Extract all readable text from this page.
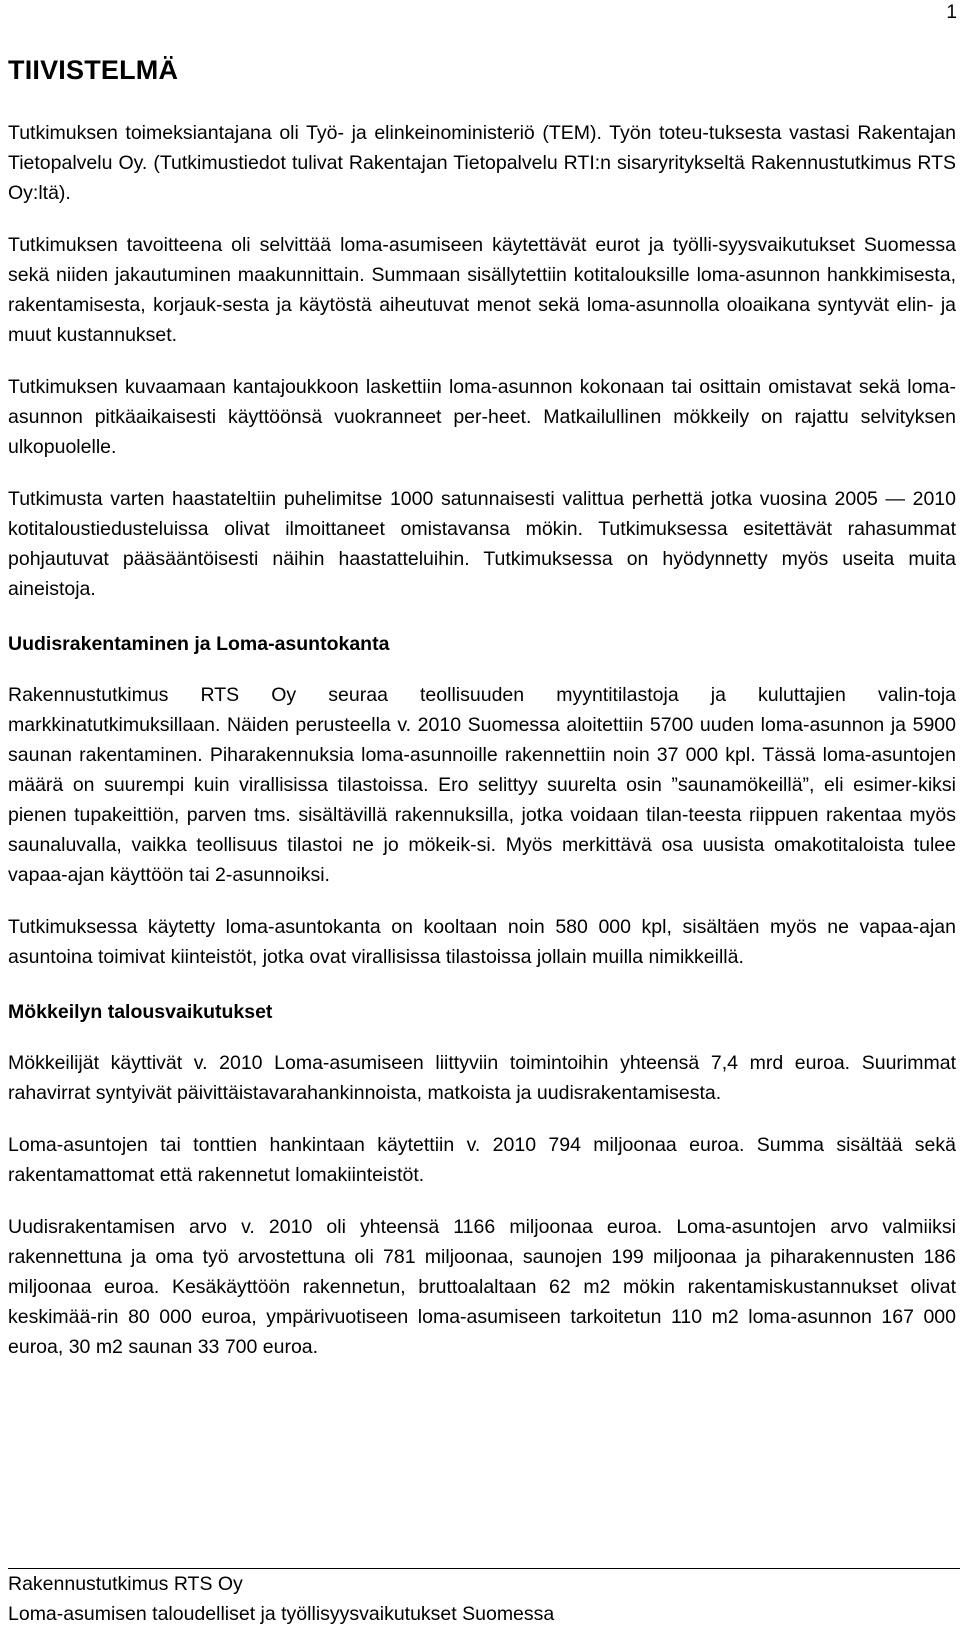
1
TIIVISTELMÄ

Tutkimuksen toimeksiantajana oli Työ- ja elinkeinoministeriö (TEM). Työn toteu-tuksesta vastasi Rakentajan Tietopalvelu Oy. (Tutkimustiedot tulivat Rakentajan Tietopalvelu RTI:n sisaryritykseltä Rakennustutkimus RTS Oy:ltä).

Tutkimuksen tavoitteena oli selvittää loma-asumiseen käytettävät eurot ja työlli-syysvaikutukset Suomessa sekä niiden jakautuminen maakunnittain. Summaan sisällytettiin kotitalouksille loma-asunnon hankkimisesta, rakentamisesta, korjauk-sesta ja käytöstä aiheutuvat menot sekä loma-asunnolla oloaikana syntyvät elin- ja muut kustannukset.

Tutkimuksen kuvaamaan kantajoukkoon laskettiin loma-asunnon kokonaan tai osittain omistavat sekä loma-asunnon pitkäaikaisesti käyttöönsä vuokranneet per-heet. Matkailullinen mökkeily on rajattu selvityksen ulkopuolelle.

Tutkimusta varten haastateltiin puhelimitse 1000 satunnaisesti valittua perhettä jotka vuosina 2005 — 2010 kotitaloustiedusteluissa olivat ilmoittaneet omistavansa mökin. Tutkimuksessa esitettävät rahasummat pohjautuvat pääsääntöisesti näihin haastatteluihin. Tutkimuksessa on hyödynnetty myös useita muita aineistoja.

Uudisrakentaminen ja Loma-asuntokanta

Rakennustutkimus RTS Oy seuraa teollisuuden myyntitilastoja ja kuluttajien valin-toja markkinatutkimuksillaan. Näiden perusteella v. 2010 Suomessa aloitettiin 5700 uuden loma-asunnon ja 5900 saunan rakentaminen. Piharakennuksia loma-asunnoille rakennettiin noin 37 000 kpl. Tässä loma-asuntojen määrä on suurempi kuin virallisissa tilastoissa. Ero selittyy suurelta osin ”saunamökeillä”, eli esimer-kiksi pienen tupakeittiön, parven tms. sisältävillä rakennuksilla, jotka voidaan tilan-teesta riippuen rakentaa myös saunaluvalla, vaikka teollisuus tilastoi ne jo mökeik-si. Myös merkittävä osa uusista omakotitaloista tulee vapaa-ajan käyttöön tai 2-asunnoiksi.

Tutkimuksessa käytetty loma-asuntokanta on kooltaan noin 580 000 kpl, sisältäen myös ne vapaa-ajan asuntoina toimivat kiinteistöt, jotka ovat virallisissa tilastoissa jollain muilla nimikkeillä.

Mökkeilyn talousvaikutukset

Mökkeilijät käyttivät v. 2010 Loma-asumiseen liittyviin toimintoihin yhteensä 7,4 mrd euroa. Suurimmat rahavirrat syntyivät päivittäistavarahankinnoista, matkoista ja uudisrakentamisesta.

Loma-asuntojen tai tonttien hankintaan käytettiin v. 2010 794 miljoonaa euroa. Summa sisältää sekä rakentamattomat että rakennetut lomakiinteistöt.

Uudisrakentamisen arvo v. 2010 oli yhteensä 1166 miljoonaa euroa. Loma-asuntojen arvo valmiiksi rakennettuna ja oma työ arvostettuna oli 781 miljoonaa, saunojen 199 miljoonaa ja piharakennusten 186 miljoonaa euroa. Kesäkäyttöön rakennetun, bruttoalaltaan 62 m2 mökin rakentamiskustannukset olivat keskimää-rin 80 000 euroa, ympärivuotiseen loma-asumiseen tarkoitetun 110 m2 loma-asunnon 167 000 euroa, 30 m2 saunan 33 700 euroa.

Rakennustutkimus RTS Oy
Loma-asumisen taloudelliset ja työllisyysvaikutukset Suomessa
